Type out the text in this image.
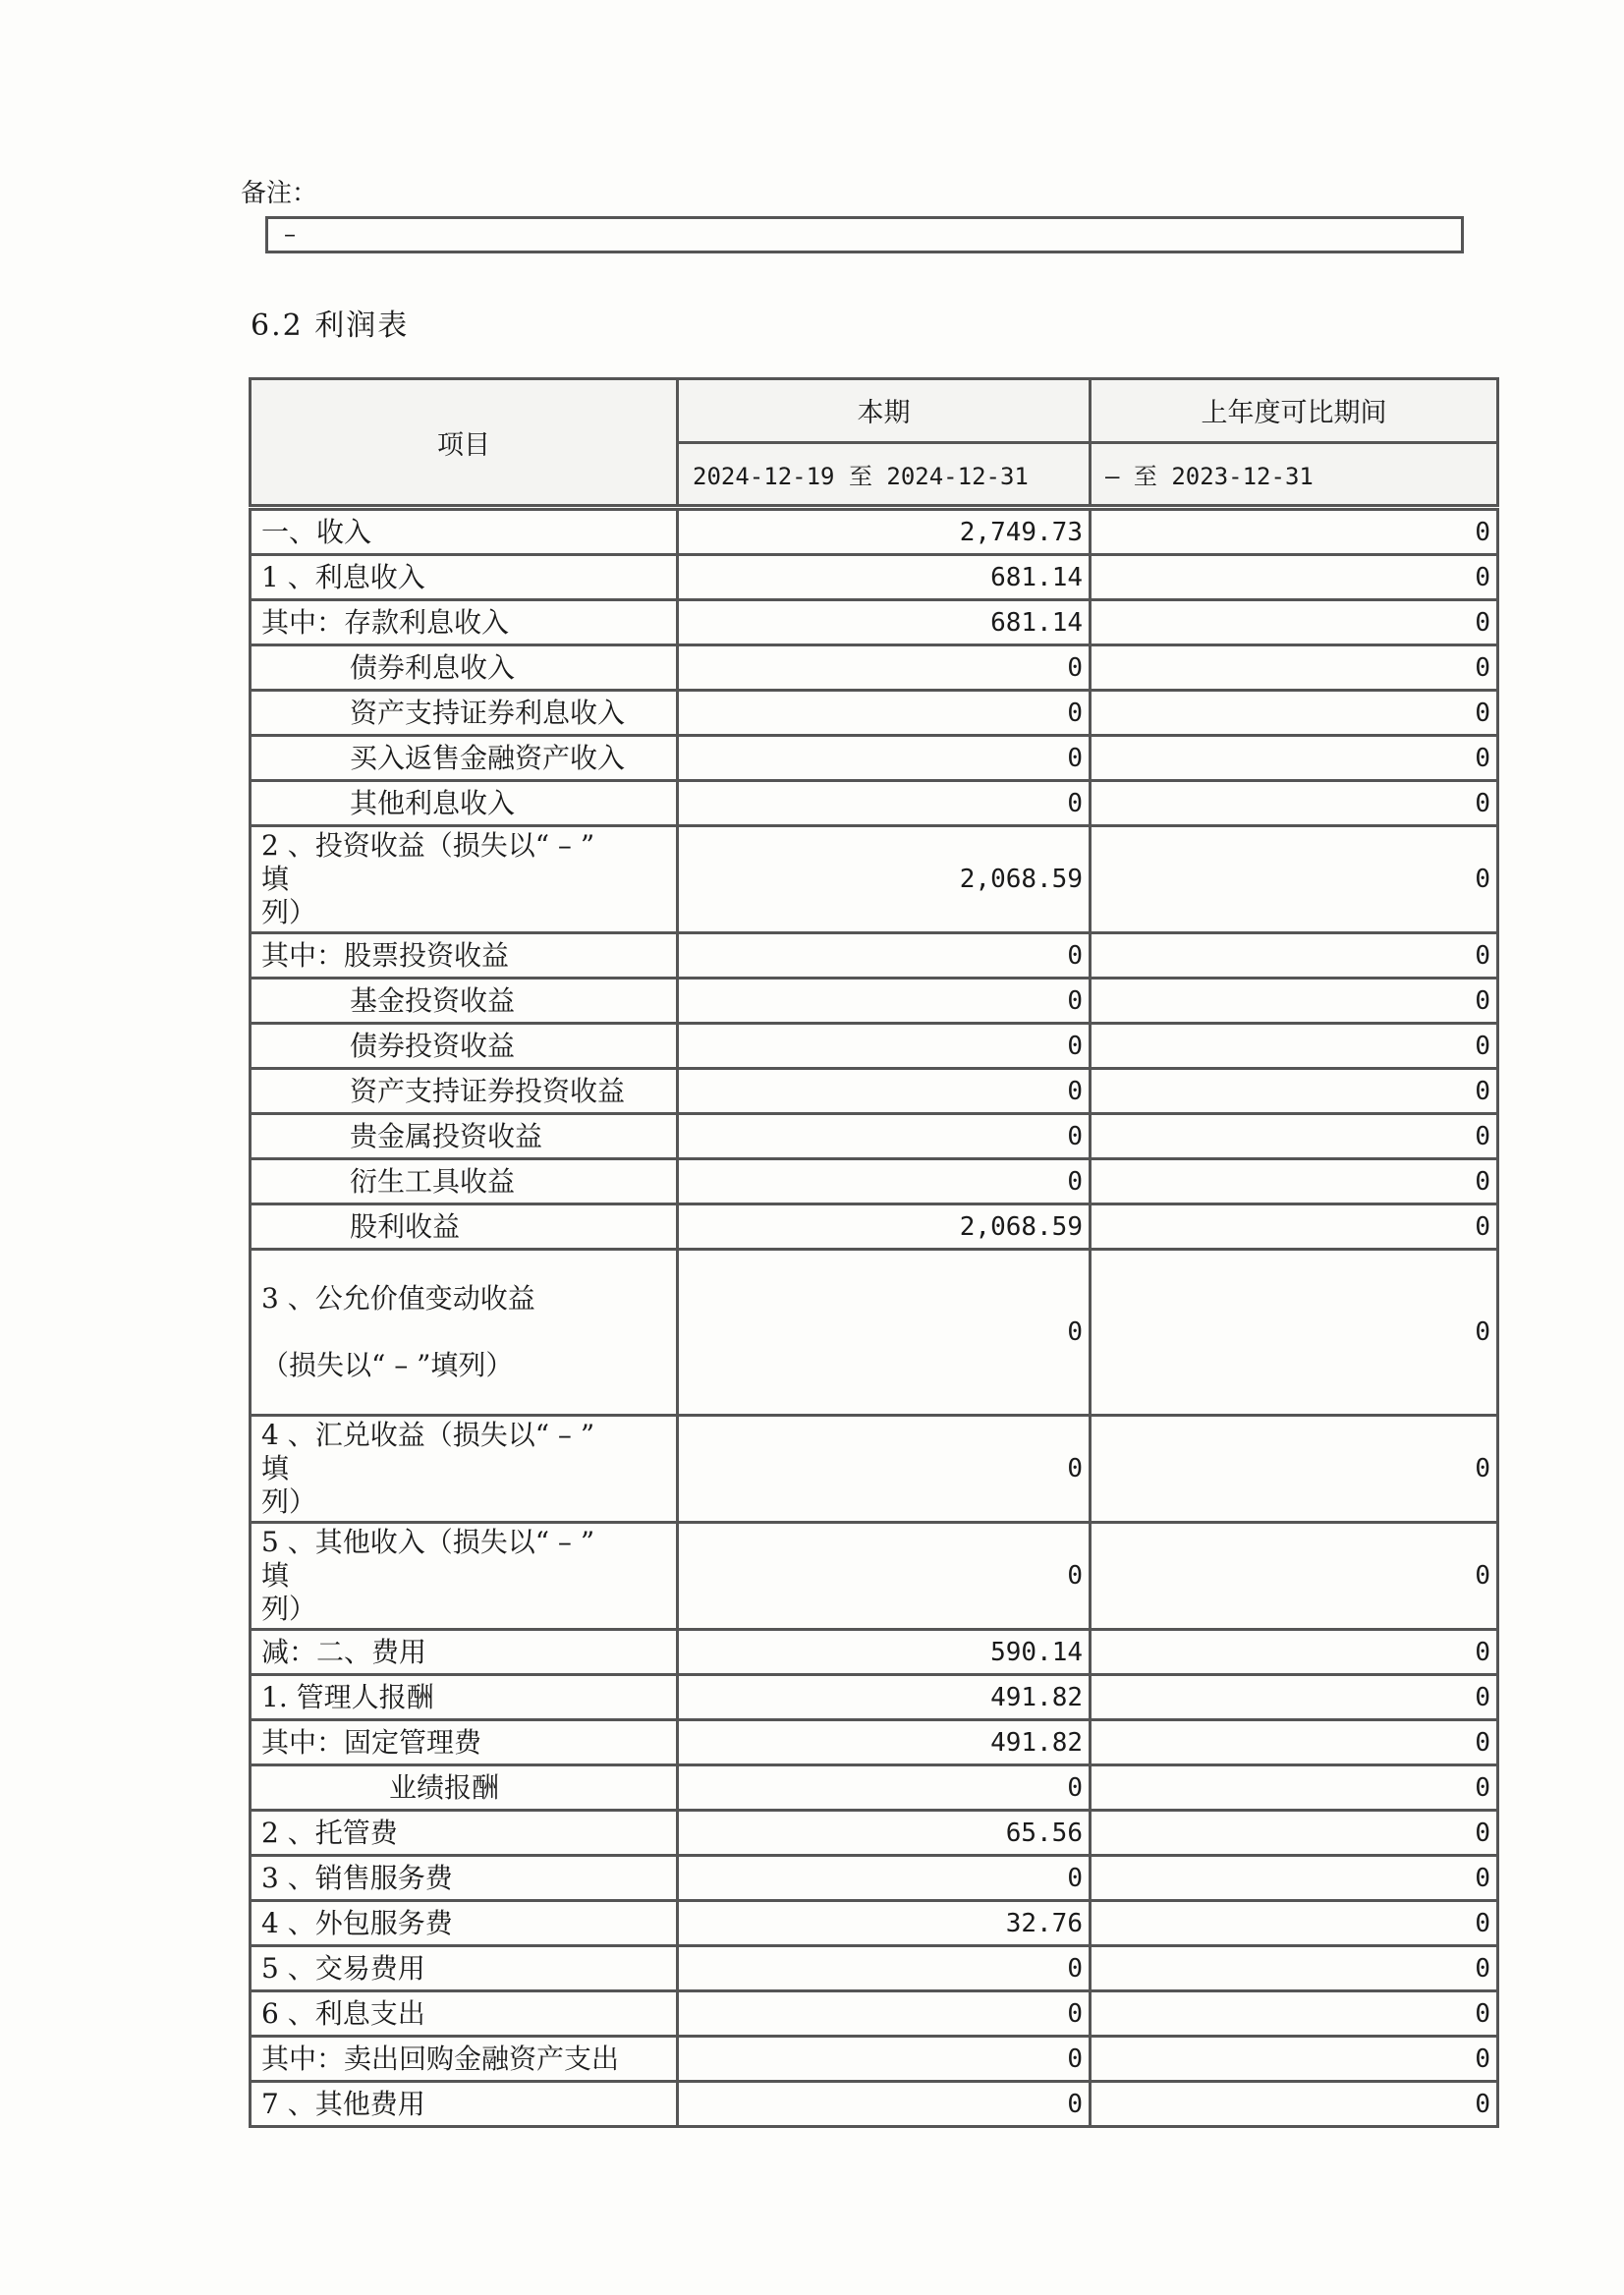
备注：
–
6.2 利润表
项目	本期	上年度可比期间
	2024-12-19 至 2024-12-31	– 至 2023-12-31
一、收入	2,749.73	0
1 、利息收入	681.14	0
其中：存款利息收入	681.14	0
债券利息收入	0	0
资产支持证券利息收入	0	0
买入返售金融资产收入	0	0
其他利息收入	0	0
2 、投资收益（损失以“ – ”
填
列）	2,068.59	0
其中：股票投资收益	0	0
基金投资收益	0	0
债券投资收益	0	0
资产支持证券投资收益	0	0
贵金属投资收益	0	0
衍生工具收益	0	0
股利收益	2,068.59	0
3 、公允价值变动收益

（损失以“ – ”填列）	0	0
4 、汇兑收益（损失以“ – ”
填
列）	0	0
5 、其他收入（损失以“ – ”
填
列）	0	0
减：二、费用	590.14	0
1. 管理人报酬	491.82	0
其中：固定管理费	491.82	0
业绩报酬	0	0
2 、托管费	65.56	0
3 、销售服务费	0	0
4 、外包服务费	32.76	0
5 、交易费用	0	0
6 、利息支出	0	0
其中：卖出回购金融资产支出	0	0
7 、其他费用	0	0
